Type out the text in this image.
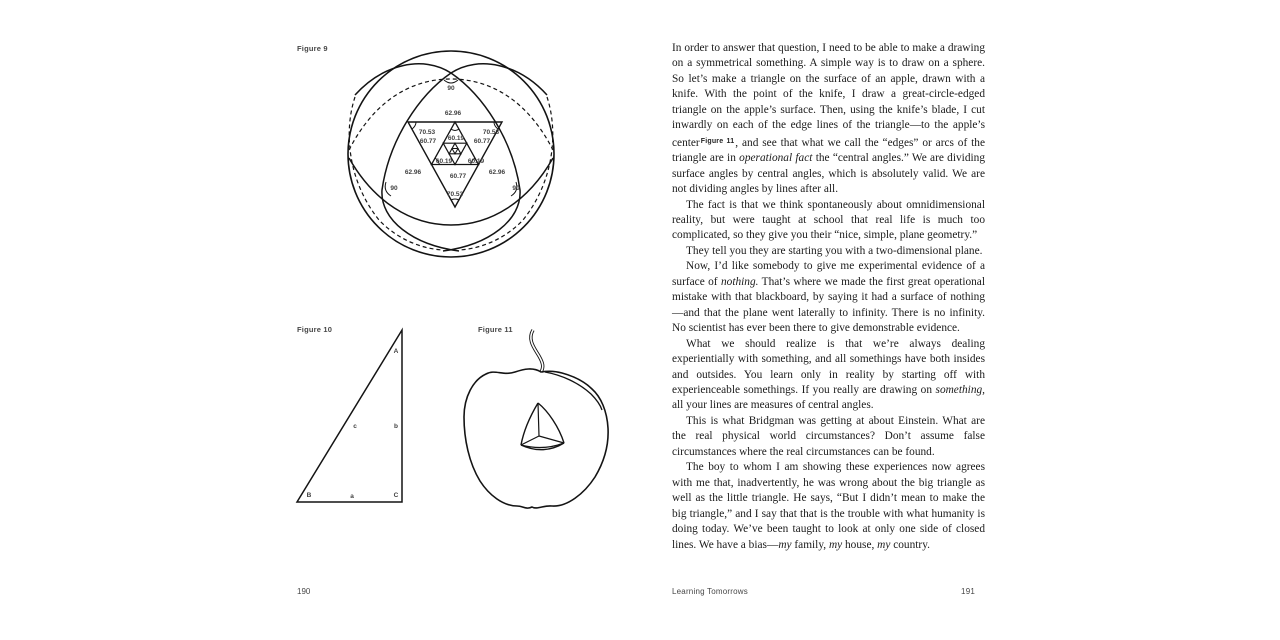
Figure 9
90
90	90
62.96
62.96	62.96
70.53	70.53
70.53
60.77	60.77
60.77
60.19
60.19 60.19
Figure 10
A
B	C
a
b
c
Figure 11
190

In order to answer that question, I need to be able to make a drawing on a symmetrical something. A simple way is to draw on a sphere. So let’s make a triangle on the surface of an apple, drawn with a knife. With the point of the knife, I draw a great-circle-edged triangle on the apple’s surface. Then, using the knife’s blade, I cut inwardly on each of the edge lines of the triangle—to the apple’s center$^{Figure 11}$, and see that what we call the “edges” or arcs of the triangle are in operational fact the “central angles.” We are dividing surface angles by central angles, which is absolutely valid. We are not dividing angles by lines after all.

The fact is that we think spontaneously about omnidimensional reality, but were taught at school that real life is much too complicated, so they give you their “nice, simple, plane geometry.”

They tell you they are starting you with a two-dimensional plane.

Now, I’d like somebody to give me experimental evidence of a surface of nothing. That’s where we made the first great operational mistake with that blackboard, by saying it had a surface of nothing—and that the plane went laterally to infinity. There is no infinity. No scientist has ever been there to give demonstrable evidence.

What we should realize is that we’re always dealing experientially with something, and all somethings have both insides and outsides. You learn only in reality by starting off with experienceable somethings. If you really are drawing on something, all your lines are measures of central angles.

This is what Bridgman was getting at about Einstein. What are the real physical world circumstances? Don’t assume false circumstances where the real circumstances can be found.

The boy to whom I am showing these experiences now agrees with me that, inadvertently, he was wrong about the big triangle as well as the little triangle. He says, “But I didn’t mean to make the big triangle,” and I say that that is the trouble with what humanity is doing today. We’ve been taught to look at only one side of closed lines. We have a bias—my family, my house, my country.

Learning Tomorrows	191
